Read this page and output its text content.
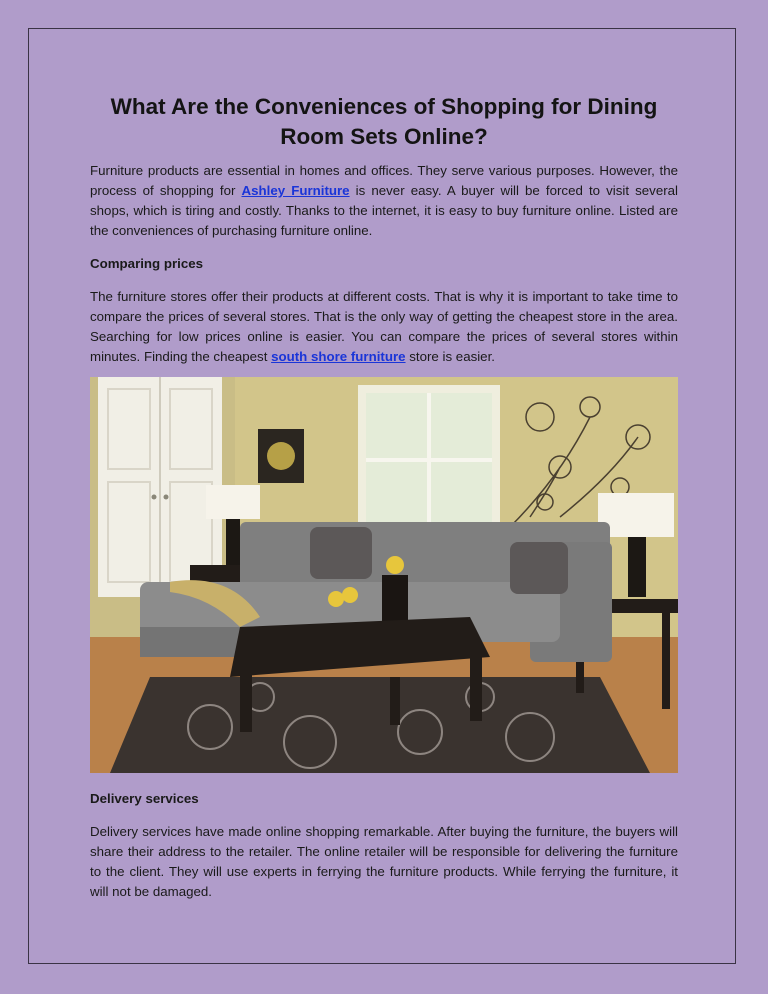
What Are the Conveniences of Shopping for Dining Room Sets Online?

Furniture products are essential in homes and offices. They serve various purposes. However, the process of shopping for Ashley Furniture is never easy. A buyer will be forced to visit several shops, which is tiring and costly. Thanks to the internet, it is easy to buy furniture online. Listed are the conveniences of purchasing furniture online.

Comparing prices

The furniture stores offer their products at different costs. That is why it is important to take time to compare the prices of several stores. That is the only way of getting the cheapest store in the area. Searching for low prices online is easier. You can compare the prices of several stores within minutes. Finding the cheapest south shore furniture store is easier.

Delivery services

Delivery services have made online shopping remarkable. After buying the furniture, the buyers will share their address to the retailer. The online retailer will be responsible for delivering the furniture to the client. They will use experts in ferrying the furniture products. While ferrying the furniture, it will not be damaged.
